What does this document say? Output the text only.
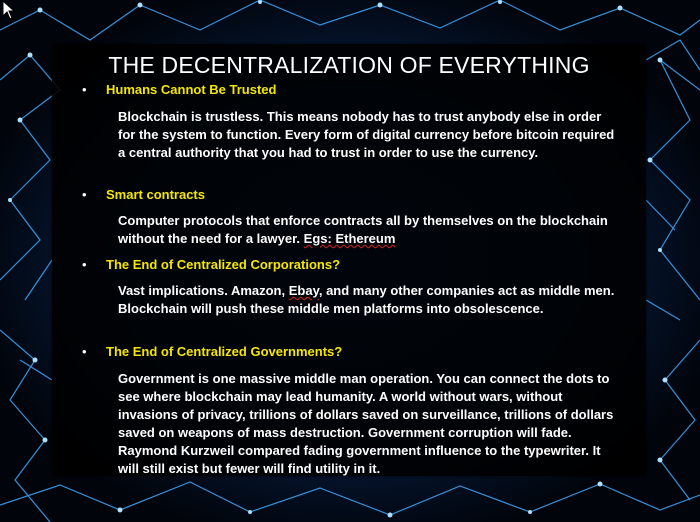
THE DECENTRALIZATION OF EVERYTHING
• Humans Cannot Be Trusted
Blockchain is trustless. This means nobody has to trust anybody else in order for the system to function. Every form of digital currency before bitcoin required a central authority that you had to trust in order to use the currency.
• Smart contracts
Computer protocols that enforce contracts all by themselves on the blockchain without the need for a lawyer. Egs: Ethereum
• The End of Centralized Corporations?
Vast implications. Amazon, Ebay, and many other companies act as middle men. Blockchain will push these middle men platforms into obsolescence.
• The End of Centralized Governments?
Government is one massive middle man operation. You can connect the dots to see where blockchain may lead humanity. A world without wars, without invasions of privacy, trillions of dollars saved on surveillance, trillions of dollars saved on weapons of mass destruction. Government corruption will fade. Raymond Kurzweil compared fading government influence to the typewriter. It will still exist but fewer will find utility in it.
